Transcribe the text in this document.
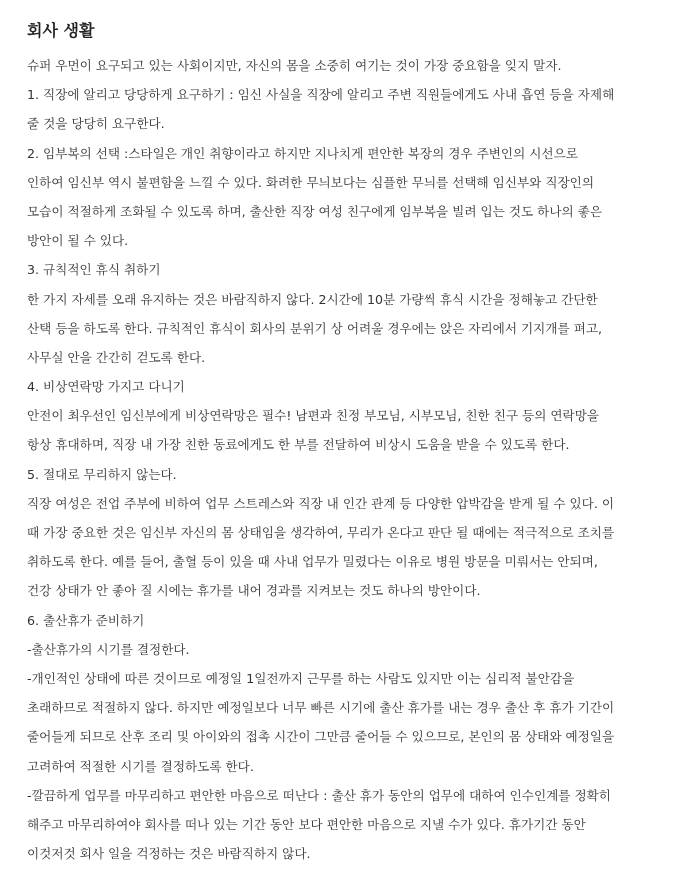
회사 생활
슈퍼 우먼이 요구되고 있는 사회이지만, 자신의 몸을 소중히 여기는 것이 가장 중요함을 잊지 말자.
1. 직장에 알리고 당당하게 요구하기 : 임신 사실을 직장에 알리고 주변 직원들에게도 사내 흡연 등을 자제해
줄 것을 당당히 요구한다.
2. 임부복의 선택 :스타일은 개인 취향이라고 하지만 지나치게 편안한 복장의 경우 주변인의 시선으로
인하여 임신부 역시 불편함을 느낄 수 있다. 화려한 무늬보다는 심플한 무늬를 선택해 임신부와 직장인의
모습이 적절하게 조화될 수 있도록 하며, 출산한 직장 여성 친구에게 임부복을 빌려 입는 것도 하나의 좋은
방안이 될 수 있다.
3. 규칙적인 휴식 취하기
한 가지 자세를 오래 유지하는 것은 바람직하지 않다. 2시간에 10분 가량씩 휴식 시간을 정해놓고 간단한
산택 등을 하도록 한다. 규칙적인 휴식이 회사의 분위기 상 어려울 경우에는 앉은 자리에서 기지개를 펴고,
사무실 안을 간간히 걷도록 한다.
4. 비상연락망 가지고 다니기
안전이 최우선인 임신부에게 비상연락망은 필수! 남편과 친정 부모님, 시부모님, 친한 친구 등의 연락망을
항상 휴대하며, 직장 내 가장 친한 동료에게도 한 부를 전달하여 비상시 도움을 받을 수 있도록 한다.
5. 절대로 무리하지 않는다.
직장 여성은 전업 주부에 비하여 업무 스트레스와 직장 내 인간 관계 등 다양한 압박감을 받게 될 수 있다. 이
때 가장 중요한 것은 임신부 자신의 몸 상태임을 생각하여, 무리가 온다고 판단 될 때에는 적극적으로 조치를
취하도록 한다. 예를 들어, 출혈 등이 있을 때 사내 업무가 밀렸다는 이유로 병원 방문을 미뤄서는 안되며,
건강 상태가 안 좋아 질 시에는 휴가를 내어 경과를 지켜보는 것도 하나의 방안이다.
6. 출산휴가 준비하기
-출산휴가의 시기를 결정한다.
-개인적인 상태에 따른 것이므로 예정일 1일전까지 근무를 하는 사람도 있지만 이는 심리적 불안감을
초래하므로 적절하지 않다. 하지만 예정일보다 너무 빠른 시기에 출산 휴가를 내는 경우 출산 후 휴가 기간이
줄어들게 되므로 산후 조리 및 아이와의 접촉 시간이 그만큼 줄어들 수 있으므로, 본인의 몸 상태와 예정일을
고려하여 적절한 시기를 결정하도록 한다.
-깔끔하게 업무를 마무리하고 편안한 마음으로 떠난다 : 출산 휴가 동안의 업무에 대하여 인수인계를 정확히
해주고 마무리하여야 회사를 떠나 있는 기간 동안 보다 편안한 마음으로 지낼 수가 있다. 휴가기간 동안
이것저것 회사 일을 걱정하는 것은 바람직하지 않다.
